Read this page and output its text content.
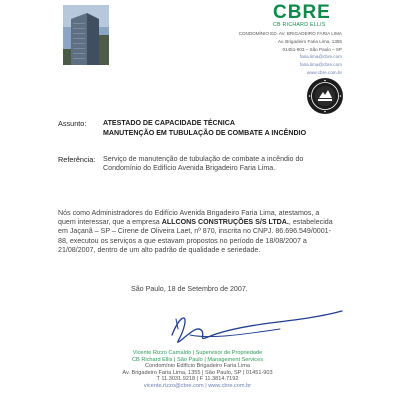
CBRE
CB RICHARD ELLIS
CONDOMÍNIO ED. AV. BRIGADEIRO FARIA LIMA
Av. Brigadeiro Faria Lima, 1355
01451-903 – São Paulo – SP
faria.lima@cbre.com
faria.lima@cbre.com
www.cbre.com.br
Assunto: ATESTADO DE CAPACIDADE TÉCNICA
MANUTENÇÃO EM TUBULAÇÃO DE COMBATE A INCÊNDIO
Referência: Serviço de manutenção de tubulação de combate a incêndio do Condomínio do Edifício Avenida Brigadeiro Faria Lima.
Nós como Administradores do Edifício Avenida Brigadeiro Faria Lima, atestamos, a quem interessar, que a empresa ALLCONS CONSTRUÇÕES S/S LTDA., estabelecida em Jaçanã – SP – Cirene de Oliveira Laet, nº 870, inscrita no CNPJ. 86.696.549/0001-88, executou os serviços a que estavam propostos no período de 18/08/2007 a 21/08/2007, dentro de um alto padrão de qualidade e seriedade.
São Paulo, 18 de Setembro de 2007.
Vicente Rizzo Carnaldo | Supervisor de Propriedade
CB Richard Ellis | São Paulo | Management Services
Condomínio Edifício Brigadeiro Faria Lima
Av. Brigadeiro Faria Lima, 1355 | São Paulo, SP | 01451-903
T 11.3031.9218 | F 11.3814.7192
vicente.rizzo@cbre.com | www.cbre.com.br
